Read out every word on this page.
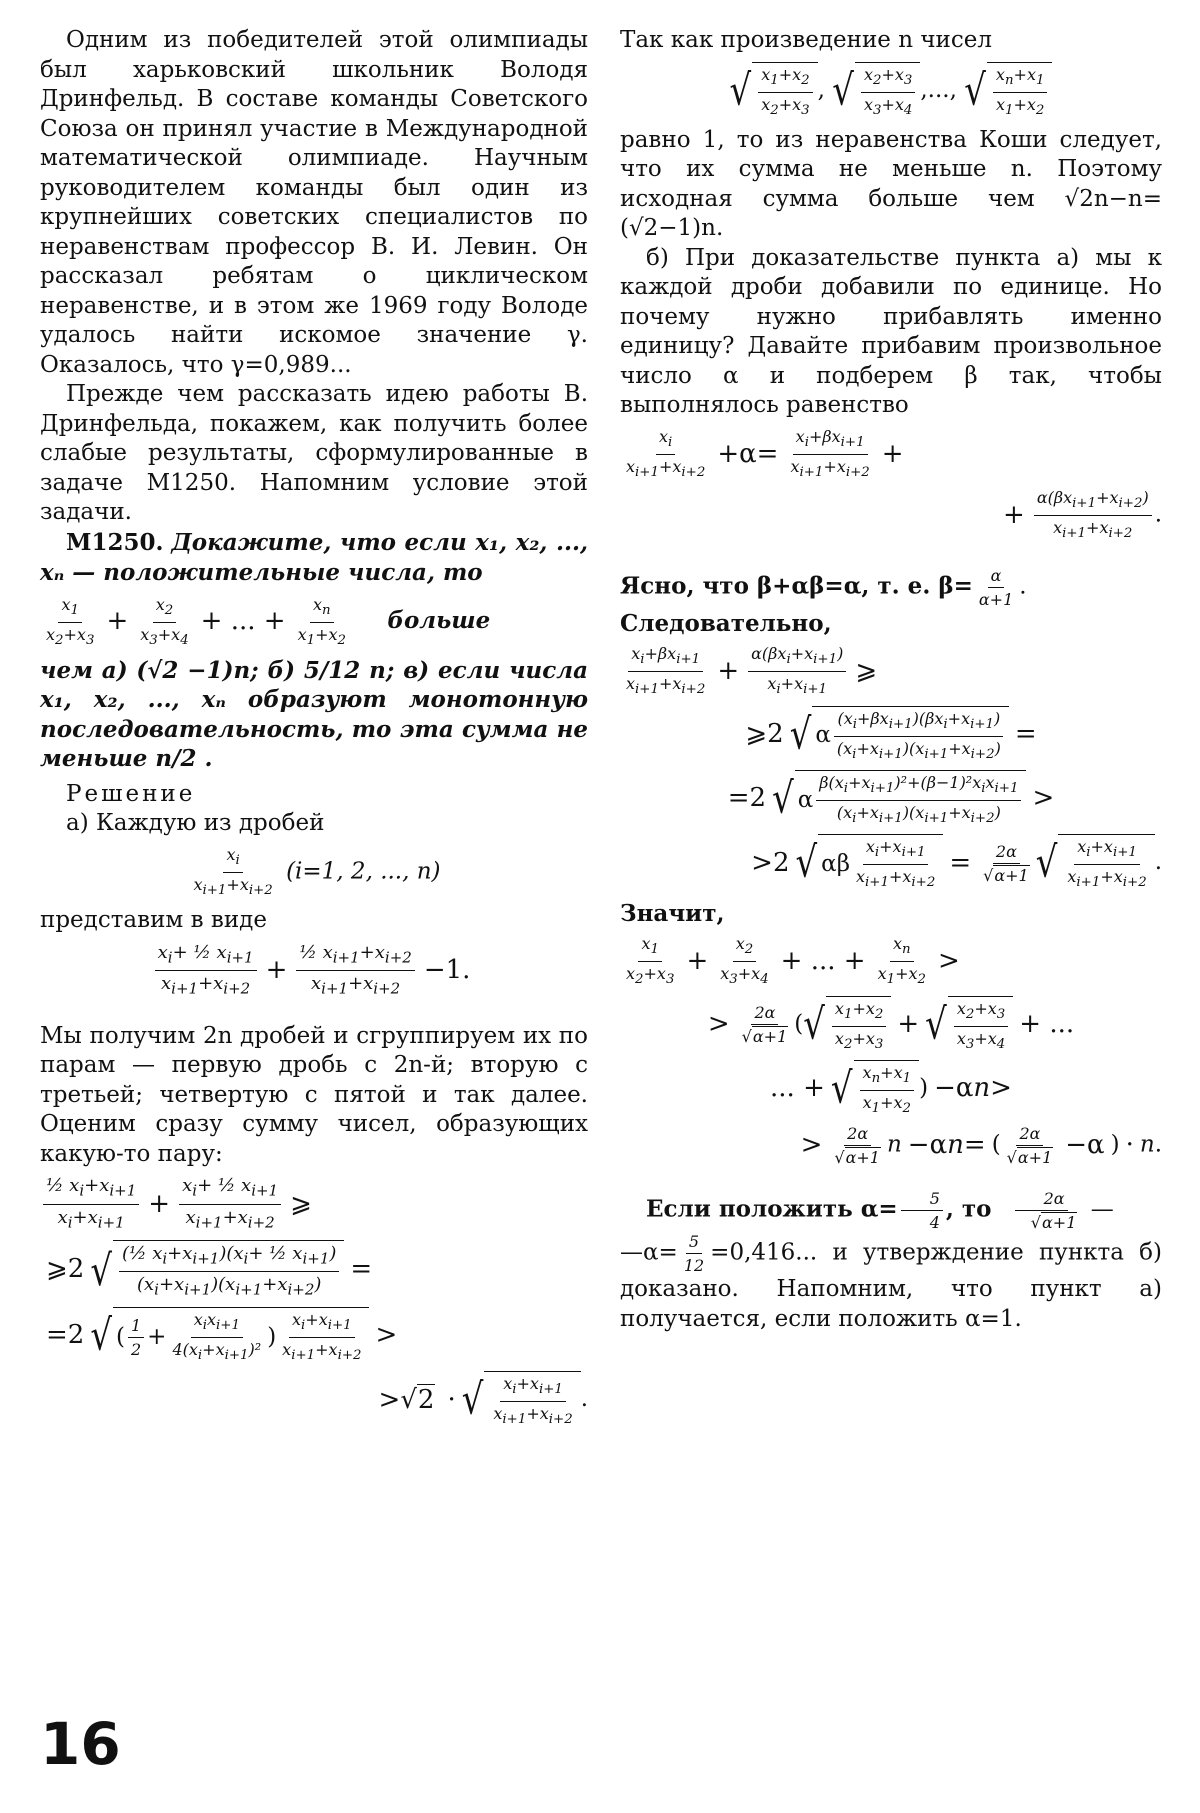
Одним из победителей этой олимпиады был харьковский школьник Володя Дринфельд. В составе команды Советского Союза он принял участие в Международной математической олимпиаде. Научным руководителем команды был один из крупнейших советских специалистов по неравенствам профессор В. И. Левин. Он рассказал ребятам о циклическом неравенстве, и в этом же 1969 году Володе удалось найти искомое значение γ. Оказалось, что γ=0,989...

Прежде чем рассказать идею работы В. Дринфельда, покажем, как получить более слабые результаты, сформулированные в задаче М1250. Напомним условие этой задачи.

М1250. Докажите, что если x₁, x₂, ..., xₙ — положительные числа, то

$\frac{x_1}{x_2+x_3} + \frac{x_2}{x_3+x_4}$ + ... + $\frac{x_n}{x_1+x_2}$ больше

чем а) (√2 −1)n; б) 5/12 n; в) если числа x₁, x₂, ..., xₙ образуют монотонную последовательность, то эта сумма не меньше n/2 .

Решение

а) Каждую из дробей

$\frac{x_i}{x_{i+1}+x_{i+2}} (i=1$, 2, ..., n)

представим в виде

$\frac{x_i+ \frac{1}{2} x_{i+1}}{x_{i+1}+x_{i+2}} + \frac{\frac{1}{2} x_{i+1}+x_{i+2}}{x_{i+1}+x_{i+2}} -1$.

Мы получим 2n дробей и сгруппируем их по парам — первую дробь с 2n-й; вторую с третьей; четвертую с пятой и так далее. Оценим сразу сумму чисел, образующих какую-то пару:

$\frac{\frac{1}{2} x_i+x_{i+1}}{x_i+x_{i+1}} + \frac{x_i+ \frac{1}{2} x_{i+1}}{x_{i+1}+x_{i+2}}$ ⩾
⩾2 √ $\frac{(\frac{1}{2} x_i+x_{i+1})(x_i+ \frac{1}{2} x_{i+1})}{(x_i+x_{i+1})(x_{i+1}+x_{i+2})}$ =
=2 √ ( $\frac{1}{2} + \frac{x_ix_{i+1}}{4(x_i+x_{i+1})^2}$ ) $\frac{x_i+x_{i+1}}{x_{i+1}+x_{i+2}}$ >
>√2 · √ $\frac{x_i+x_{i+1}}{x_{i+1}+x_{i+2}}$ .

Так как произведение n чисел

√ $\frac{x_1+x_2}{x_2+x_3}$ , √ $\frac{x_2+x_3}{x_3+x_4}$ ,..., √ $\frac{x_n+x_1}{x_1+x_2}$

равно 1, то из неравенства Коши следует, что их сумма не меньше n. Поэтому исходная сумма больше чем √2n−n=(√2−1)n.

б) При доказательстве пункта а) мы к каждой дроби добавили по единице. Но почему нужно прибавлять именно единицу? Давайте прибавим произвольное число α и подберем β так, чтобы выполнялось равенство

$\frac{x_i}{x_{i+1}+x_{i+2}} +\alpha= \frac{x_i+\beta x_{i+1}}{x_{i+1}+x_{i+2}}$ +
+ $\frac{\alpha(\beta x_{i+1}+x_{i+2})}{x_{i+1}+x_{i+2}}$ .

Ясно, что β+αβ=α, т. е. $\beta= \frac{\alpha}{\alpha+1}$ .

Следовательно,

$\frac{x_i+\beta x_{i+1}}{x_{i+1}+x_{i+2}} + \frac{\alpha(\beta x_i+x_{i+1})}{x_i+x_{i+1}}$ ⩾
⩾2 √ α $\frac{(x_i+\beta x_{i+1})(\beta x_i+x_{i+1})}{(x_i+x_{i+1})(x_{i+1}+x_{i+2})}$ =
=2 √ α $\frac{\beta(x_i+x_{i+1})^2+(\beta-1)^2x_ix_{i+1}}{(x_i+x_{i+1})(x_{i+1}+x_{i+2})}$ >
>2 √ αβ $\frac{x_i+x_{i+1}}{x_{i+1}+x_{i+2}} = \frac{2\alpha}{√\alpha+1}$ √ $\frac{x_i+x_{i+1}}{x_{i+1}+x_{i+2}}$ .

Значит,

$\frac{x_1}{x_2+x_3} + \frac{x_2}{x_3+x_4}$ + ... + $\frac{x_n}{x_1+x_2}$ >
> $\frac{2\alpha}{√\alpha+1}$ ( √ $\frac{x_1+x_2}{x_2+x_3}$ + √ $\frac{x_2+x_3}{x_3+x_4}$ + ...
... + √ $\frac{x_n+x_1}{x_1+x_2}$ ) −αn>
> $\frac{2\alpha}{√\alpha+1}$ n −αn= ( $\frac{2\alpha}{√\alpha+1} -\alpha$ ) · n.

Если положить $\alpha= \frac{5}{4}$ , то $\frac{2\alpha}{√\alpha+1}$ —

—α= $\frac{5}{12} =0,416$... и утверждение пункта б) доказано. Напомним, что пункт а) получается, если положить α=1.

16
